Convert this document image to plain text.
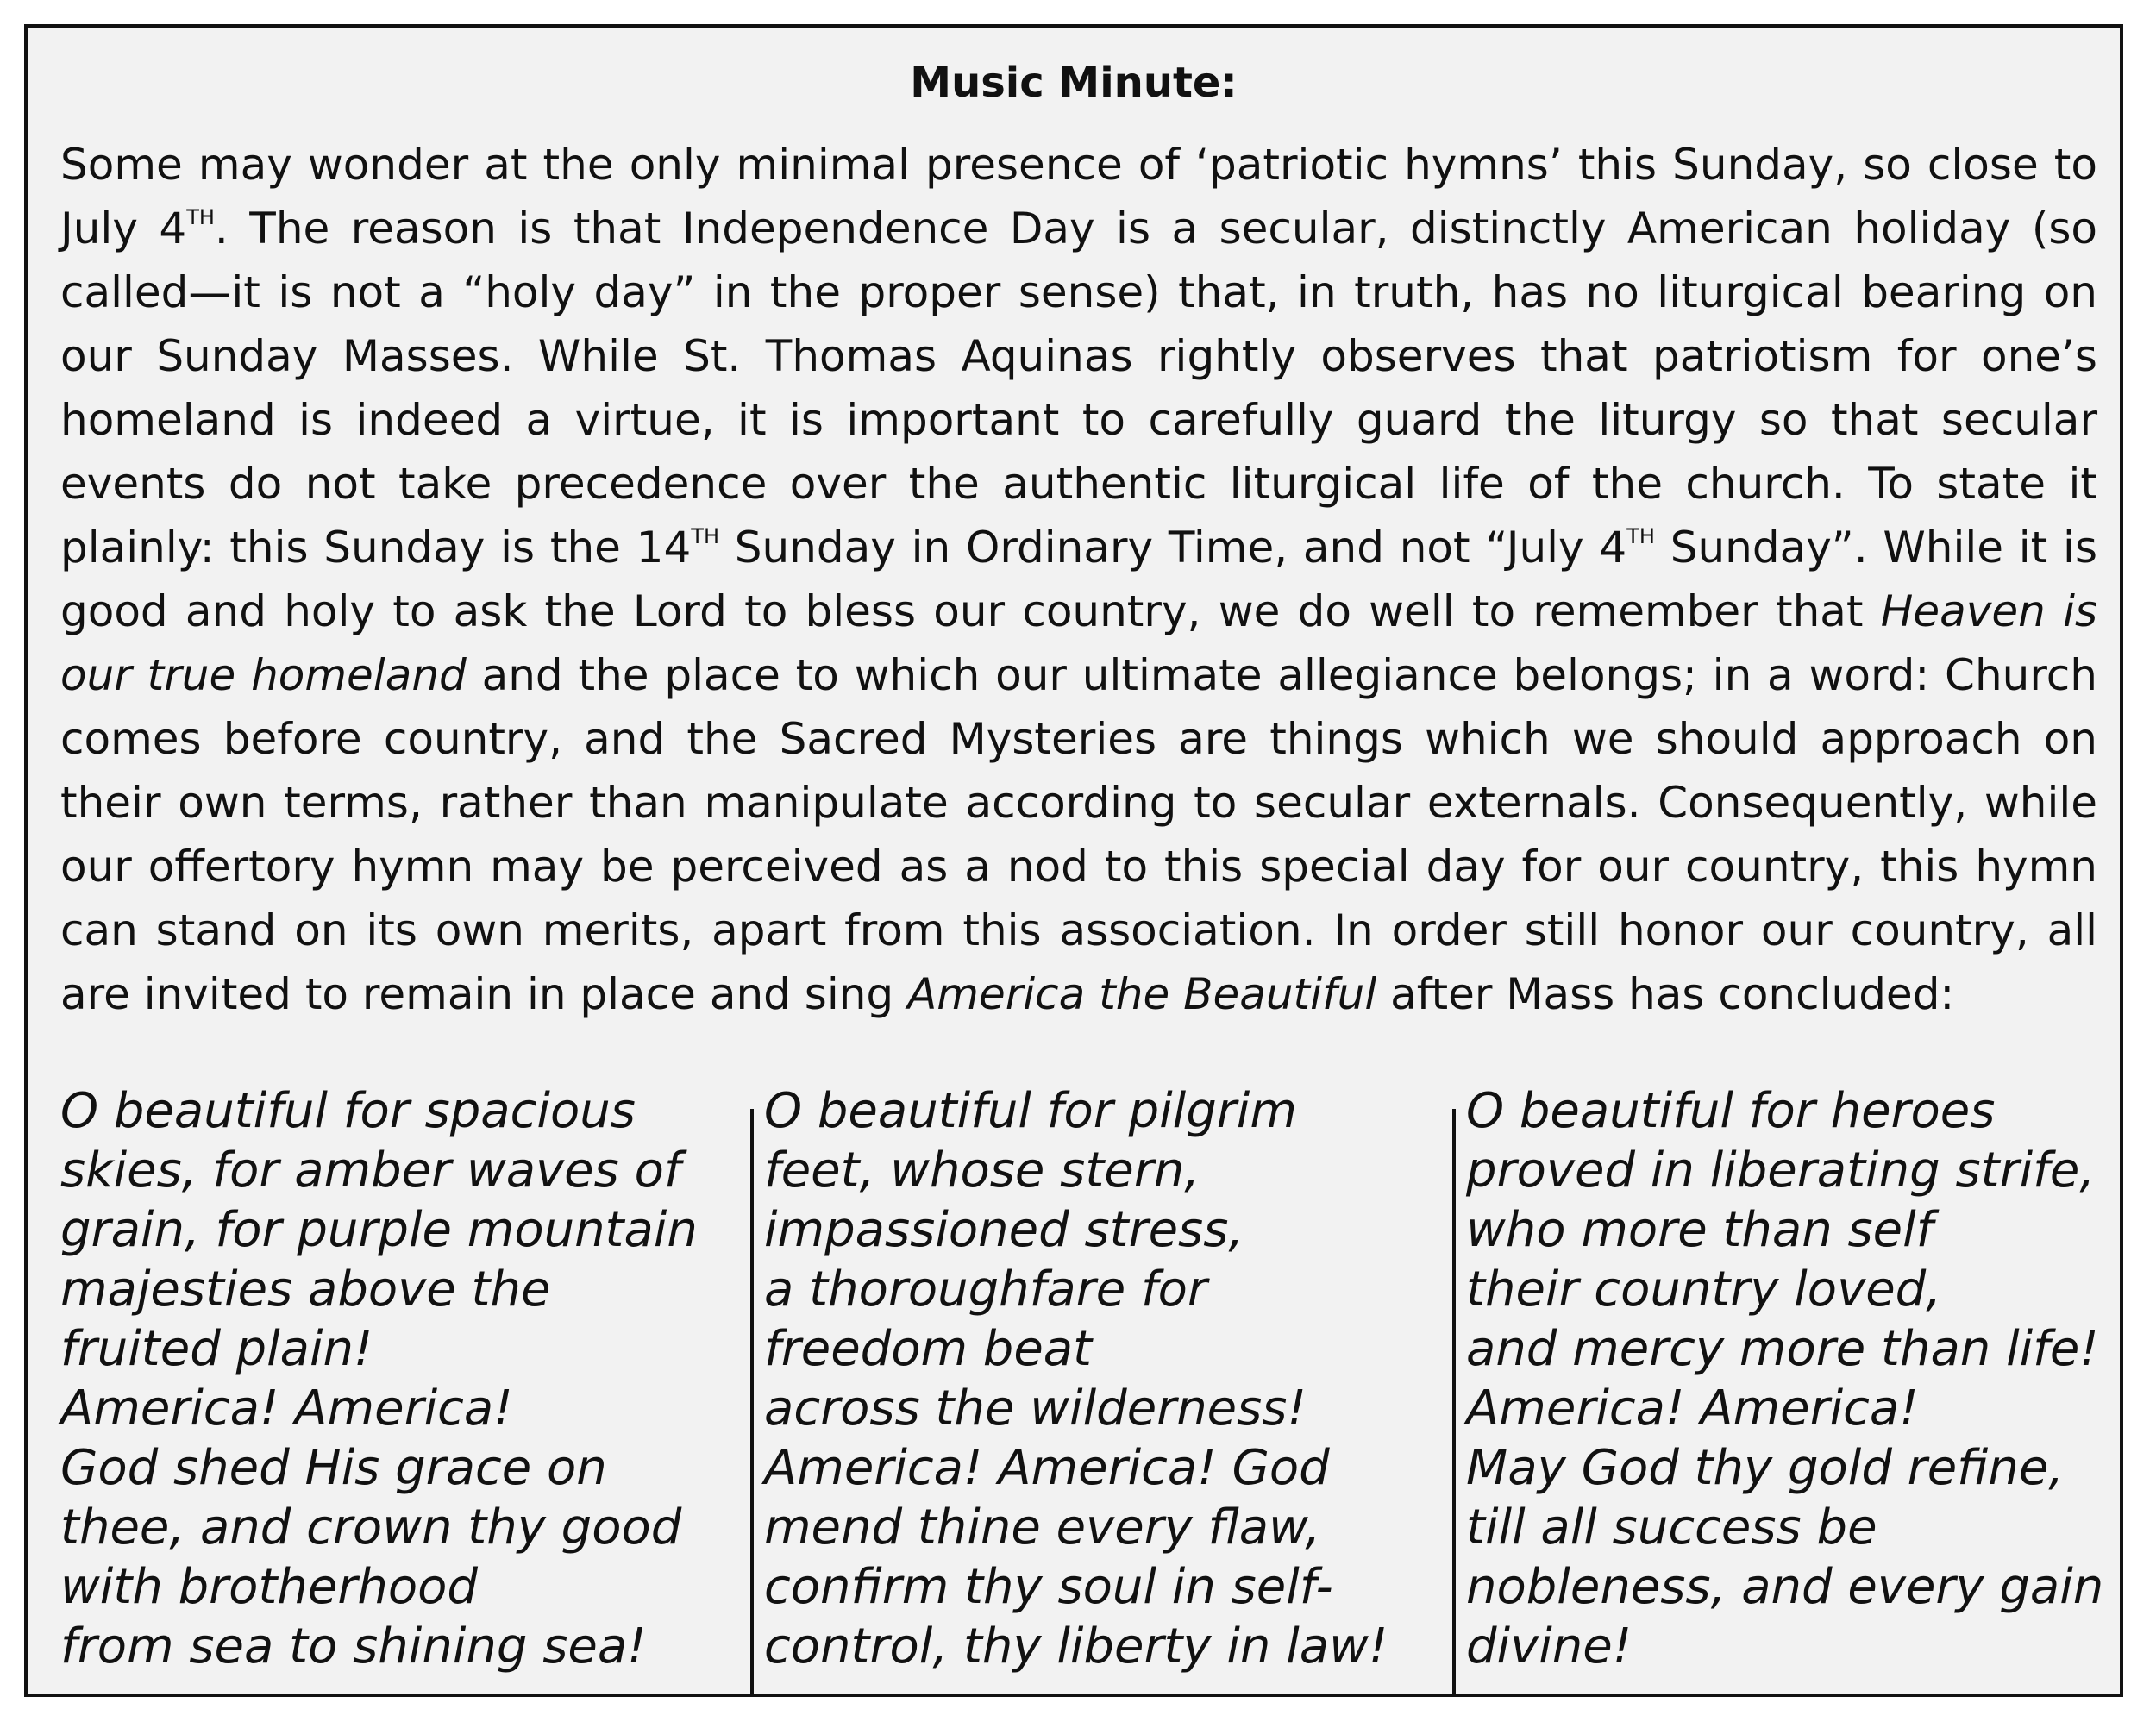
Music Minute:
Some may wonder at the only minimal presence of ‘patriotic hymns’ this Sunday, so close to July 4TH. The reason is that Independence Day is a secular, distinctly American holiday (so called—it is not a “holy day” in the proper sense) that, in truth, has no liturgical bearing on our Sunday Masses. While St. Thomas Aquinas rightly observes that patriotism for one’s homeland is indeed a virtue, it is important to carefully guard the liturgy so that secular events do not take precedence over the authentic liturgical life of the church. To state it plainly: this Sunday is the 14TH Sunday in Ordinary Time, and not “July 4TH Sunday”. While it is good and holy to ask the Lord to bless our country, we do well to remember that Heaven is our true homeland and the place to which our ultimate allegiance belongs; in a word: Church comes before country, and the Sacred Mysteries are things which we should approach on their own terms, rather than manipulate according to secular externals. Consequently, while our offertory hymn may be perceived as a nod to this special day for our country, this hymn can stand on its own merits, apart from this association. In order still honor our country, all are invited to remain in place and sing America the Beautiful after Mass has concluded:
O beautiful for spacious
skies, for amber waves of
grain, for purple mountain
majesties above the
fruited plain!
America! America!
God shed His grace on
thee, and crown thy good
with brotherhood
from sea to shining sea!
O beautiful for pilgrim
feet, whose stern,
impassioned stress,
a thoroughfare for
freedom beat
across the wilderness!
America! America! God
mend thine every flaw,
confirm thy soul in self-
control, thy liberty in law!
O beautiful for heroes
proved in liberating strife,
who more than self
their country loved,
and mercy more than life!
America! America!
May God thy gold refine,
till all success be
nobleness, and every gain
divine!
